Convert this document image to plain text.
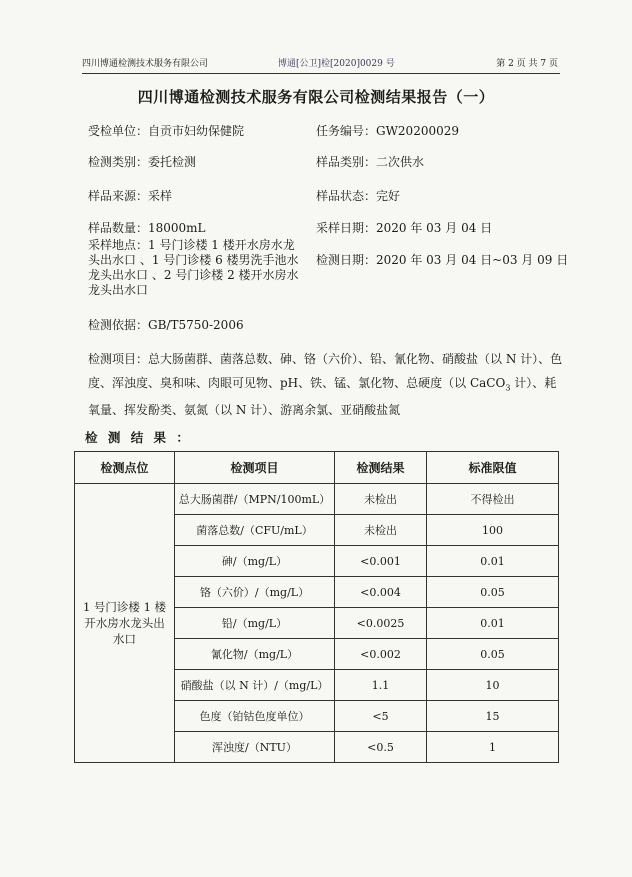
四川博通检测技术服务有限公司	博通[公卫]检[2020]0029 号	第 2 页 共 7 页
四川博通检测技术服务有限公司检测结果报告（一）
受检单位：自贡市妇幼保健院	任务编号：GW20200029
检测类别：委托检测	样品类别：二次供水
样品来源：采样	样品状态：完好
样品数量：18000mL	采样日期：2020 年 03 月 04 日
采样地点：1 号门诊楼 1 楼开水房水龙头出水口 、1 号门诊楼 6 楼男洗手池水龙头出水口 、2 号门诊楼 2 楼开水房水龙头出水口
检测日期：2020 年 03 月 04 日~03 月 09 日
检测依据：GB/T5750-2006
检测项目：总大肠菌群、菌落总数、砷、铬（六价）、铅、氰化物、硝酸盐（以 N 计）、色度、浑浊度、臭和味、肉眼可见物、pH、铁、锰、氯化物、总硬度（以 CaCO$_3$ 计）、耗氧量、挥发酚类、氨氮（以 N 计）、游离余氯、亚硝酸盐氮
检 测 结 果 ：
检测点位	检测项目	检测结果	标准限值
1 号门诊楼 1 楼开水房水龙头出水口	总大肠菌群/（MPN/100mL）	未检出	不得检出
	菌落总数/（CFU/mL）	未检出	100
	砷/（mg/L）	<0.001	0.01
	铬（六价）/（mg/L）	<0.004	0.05
	铅/（mg/L）	<0.0025	0.01
	氰化物/（mg/L）	<0.002	0.05
	硝酸盐（以 N 计）/（mg/L）	1.1	10
	色度（铂钴色度单位）	<5	15
	浑浊度/（NTU）	<0.5	1
